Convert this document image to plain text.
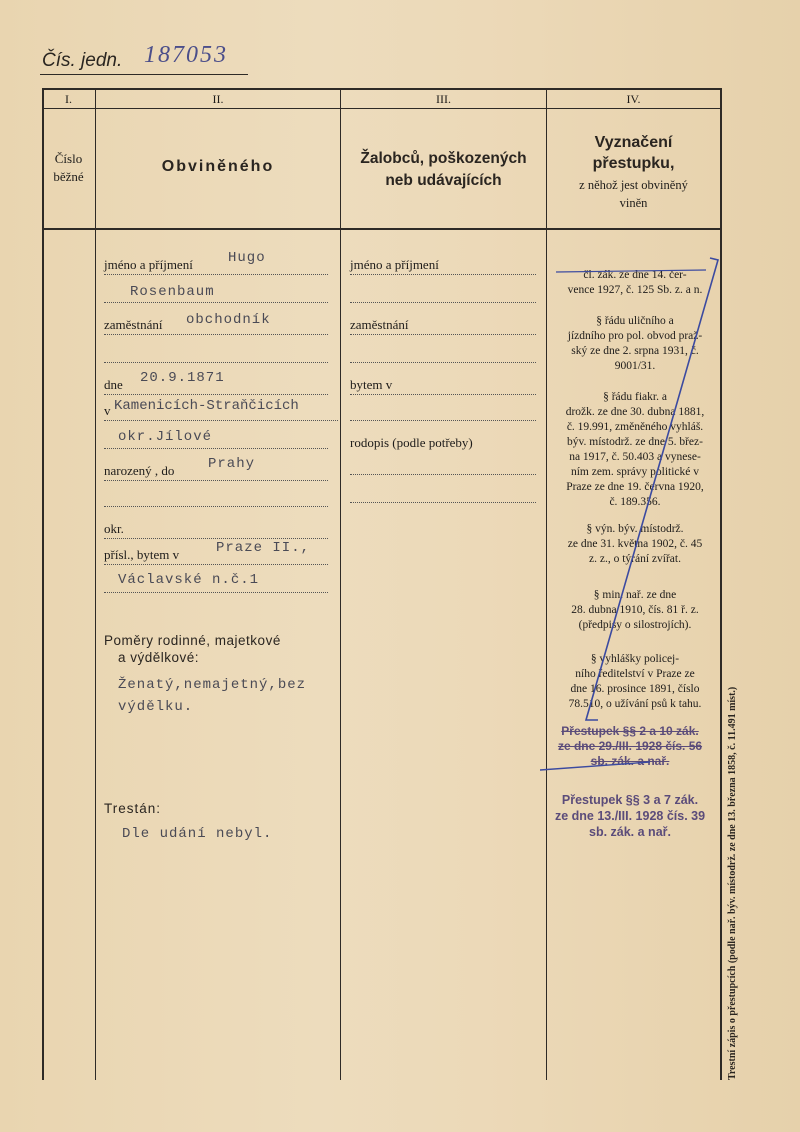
Čís. jedn. 187053
I.	II.	III.	IV.
Číslo
běžné
Obviněného	Žalobců, poškozených
neb udávajících
Vyznačení
přestupku,
z něhož jest obviněný
viněn
jméno a příjmení	Hugo
Rosenbaum
zaměstnání obchodník
dne 20.9.1871
v Kamenicích-Straňčicích
okr.Jílové
narozený , do Prahy
okr.
přísl., bytem v	Praze II.,
Václavské n.č.1
Poměry rodinné, majetkové
a výdělkové:
Ženatý,nemajetný,bez
výdělku.
Trestán:
Dle udání nebyl.
jméno a příjmení
zaměstnání
bytem v
rodopis (podle potřeby)
čl. zák. ze dne 14. čer-
vence 1927, č. 125 Sb. z. a n.
§ řádu uličního a
jízdního pro pol. obvod praž-
ský ze dne 2. srpna 1931, č.
9001/31.
§ řádu fiakr. a
drožk. ze dne 30. dubna 1881,
č. 19.991, změněného vyhláš.
býv. místodrž. ze dne 5. břez-
na 1917, č. 50.403 a vynese-
ním zem. správy politické v
Praze ze dne 19. června 1920,
č. 189.356.
§ výn. býv. místodrž.
ze dne 31. května 1902, č. 45
z. z., o týrání zvířat.
§ min. nař. ze dne
28. dubna 1910, čís. 81 ř. z.
(předpisy o silostrojích).
§ vyhlášky policej-
ního ředitelství v Praze ze
dne 16. prosince 1891, číslo
78.510, o užívání psů k tahu.
Přestupek §§ 2 a 10 zák.
ze dne 29./III. 1928 čís. 56
sb. zák. a nař.
Přestupek §§ 3 a 7 zák.
ze dne 13./III. 1928 čís. 39
sb. zák. a nař.	Trestní zápis o přestupcích (podle nař. býv. místodrž. ze dne 13. března 1858, č. 11.491 míst.)
